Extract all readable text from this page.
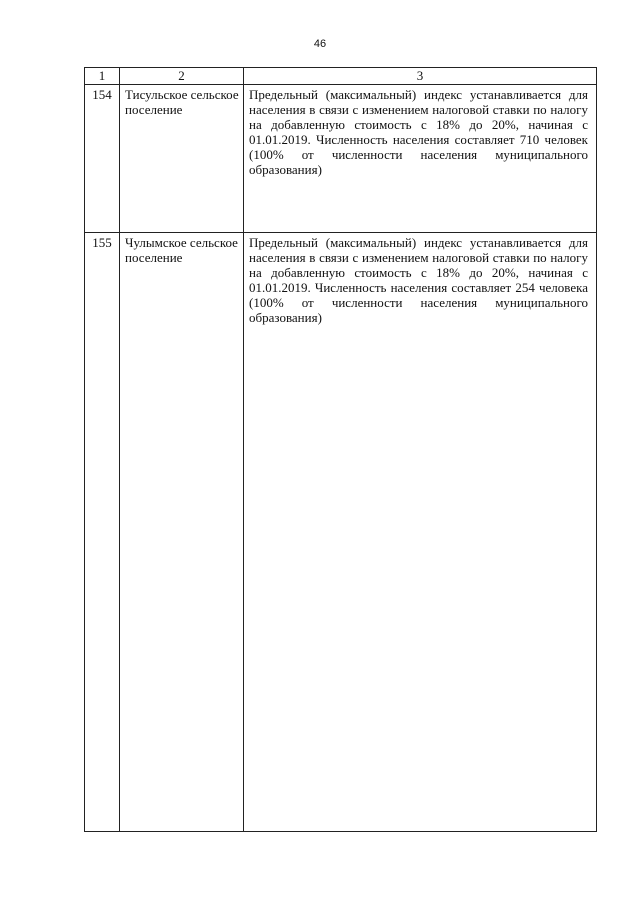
46
1	2	3
154	Тисульское сельское поселение	Предельный (максимальный) индекс устанавливается для населения в связи с изменением налоговой ставки по налогу на добавленную стоимость с 18% до 20%, начиная с 01.01.2019. Численность населения составляет 710 человек (100% от численности населения муниципального образования)

155	Чулымское сельское поселение	Предельный (максимальный) индекс устанавливается для населения в связи с изменением налоговой ставки по налогу на добавленную стоимость с 18% до 20%, начиная с 01.01.2019. Численность населения составляет 254 человека (100% от численности населения муниципального образования)
